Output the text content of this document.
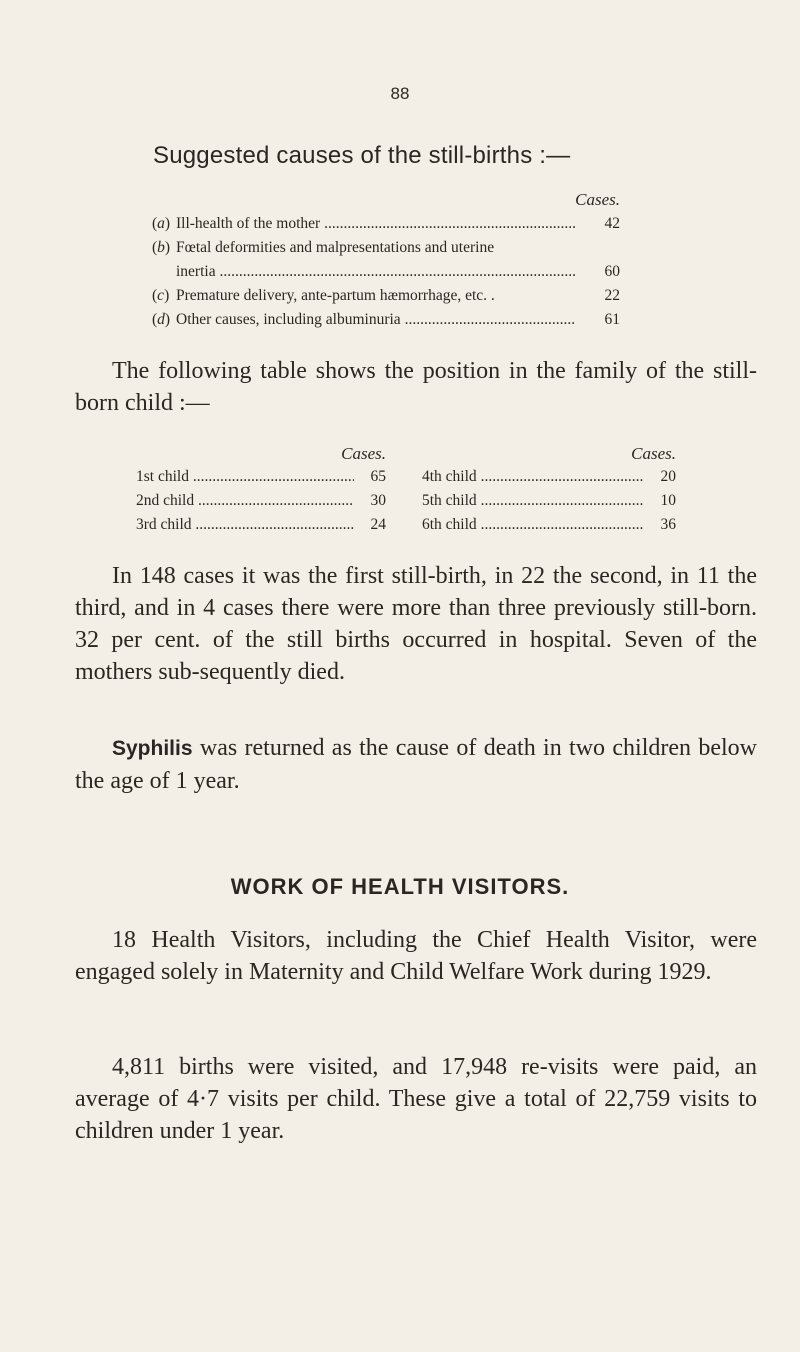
88
Suggested causes of the still-births :—
Cases.
(a) Ill-health of the mother .....	42
(b) Fœtal deformities and malpresentations and uterine
inertia .....	60
(c) Premature delivery, ante-partum hæmorrhage, etc. .	22
(d) Other causes, including albuminuria .....	61
The following table shows the position in the family of the still-born child :—
Cases.
1st child .....	65
2nd child .....	30
3rd child .....	24
Cases.
4th child .....	20
5th child .....	10
6th child .....	36
In 148 cases it was the first still-birth, in 22 the second, in 11 the third, and in 4 cases there were more than three previously still-born. 32 per cent. of the still births occurred in hospital. Seven of the mothers sub-sequently died.
Syphilis was returned as the cause of death in two children below the age of 1 year.
WORK OF HEALTH VISITORS.
18 Health Visitors, including the Chief Health Visitor, were engaged solely in Maternity and Child Welfare Work during 1929.
4,811 births were visited, and 17,948 re-visits were paid, an average of 4·7 visits per child. These give a total of 22,759 visits to children under 1 year.
